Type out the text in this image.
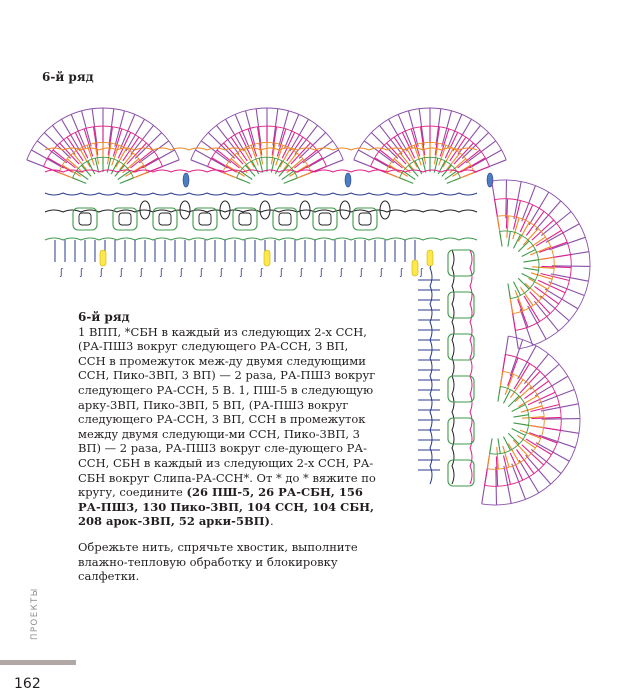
6-й ряд
ʃ ʃ ʃ ʃ ʃ ʃ ʃ ʃ ʃ ʃ ʃ ʃ ʃ ʃ ʃ ʃ ʃ ʃ ʃ
6-й ряд

1 ВПП, *СБН в каждый из следующих 2-х ССН, (РА-ПШ3 вокруг следующего РА-ССН, 3 ВП, ССН в промежуток меж-ду двумя следующими ССН, Пико-3ВП, 3 ВП) — 2 раза, РА-ПШ3 вокруг следующего РА-ССН, 5 В. 1, ПШ-5 в следующую арку-3ВП, Пико-3ВП, 5 ВП, (РА-ПШ3 вокруг следующего РА-ССН, 3 ВП, ССН в промежуток между двумя следующи-ми ССН, Пико-3ВП, 3 ВП) — 2 раза, РА-ПШ3 вокруг сле-дующего РА-ССН, СБН в каждый из следующих 2-х ССН, РА-СБН вокруг Слипа-РА-ССН*. От * до * вяжите по кругу, соедините (26 ПШ-5, 26 РА-СБН, 156 РА-ПШ3, 130 Пико-3ВП, 104 ССН, 104 СБН, 208 арок-3ВП, 52 арки-5ВП).

Обрежьте нить, спрячьте хвостик, выполните влажно-тепловую обработку и блокировку салфетки.

ПРОЕКТЫ
162
